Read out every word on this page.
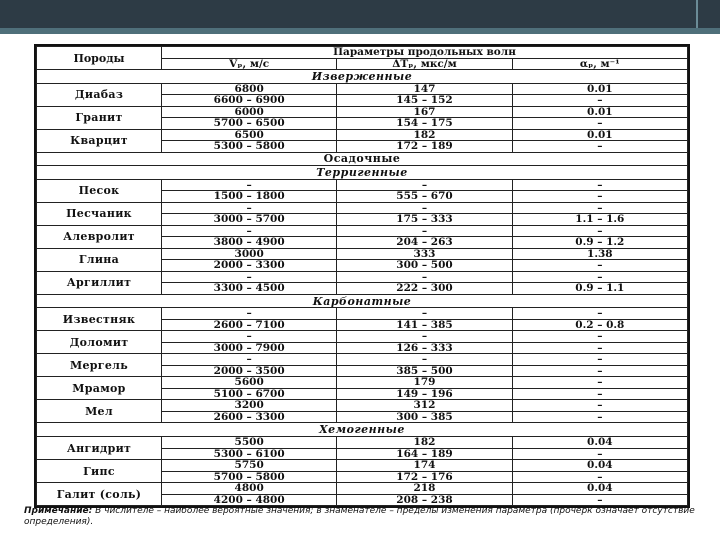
Породы	Параметры продольных волн		
	Vₚ, м/с	ΔTₚ, мкс/м	αₚ, м⁻¹
Изверженные			
Диабаз	6800	147	0.01
	6600 – 6900	145 – 152	–
Гранит	6000	167	0.01
	5700 – 6500	154 – 175	–
Кварцит	6500	182	0.01
	5300 – 5800	172 – 189	–
Осадочные			
Терригенные			
Песок	–	–	–
	1500 – 1800	555 – 670	–
Песчаник	–	–	–
	3000 – 5700	175 – 333	1.1 – 1.6
Алевролит	–	–	–
	3800 – 4900	204 – 263	0.9 – 1.2
Глина	3000	333	1.38
	2000 – 3300	300 – 500	–
Аргиллит	–	–	–
	3300 – 4500	222 – 300	0.9 – 1.1
Карбонатные			
Известняк	–	–	–
	2600 – 7100	141 – 385	0.2 – 0.8
Доломит	–	–	–
	3000 – 7900	126 – 333	–
Мергель	–	–	–
	2000 – 3500	385 – 500	–
Мрамор	5600	179	–
	5100 – 6700	149 – 196	–
Мел	3200	312	–
	2600 – 3300	300 – 385	–
Хемогенные			
Ангидрит	5500	182	0.04
	5300 – 6100	164 – 189	–
Гипс	5750	174	0.04
	5700 – 5800	172 – 176	–
Галит (соль)	4800	218	0.04
	4200 – 4800	208 – 238	–
Примечание: В числителе – наиболее вероятные значения; в знаменателе – пределы изменения параметра (прочерк означает отсутствие определения).
